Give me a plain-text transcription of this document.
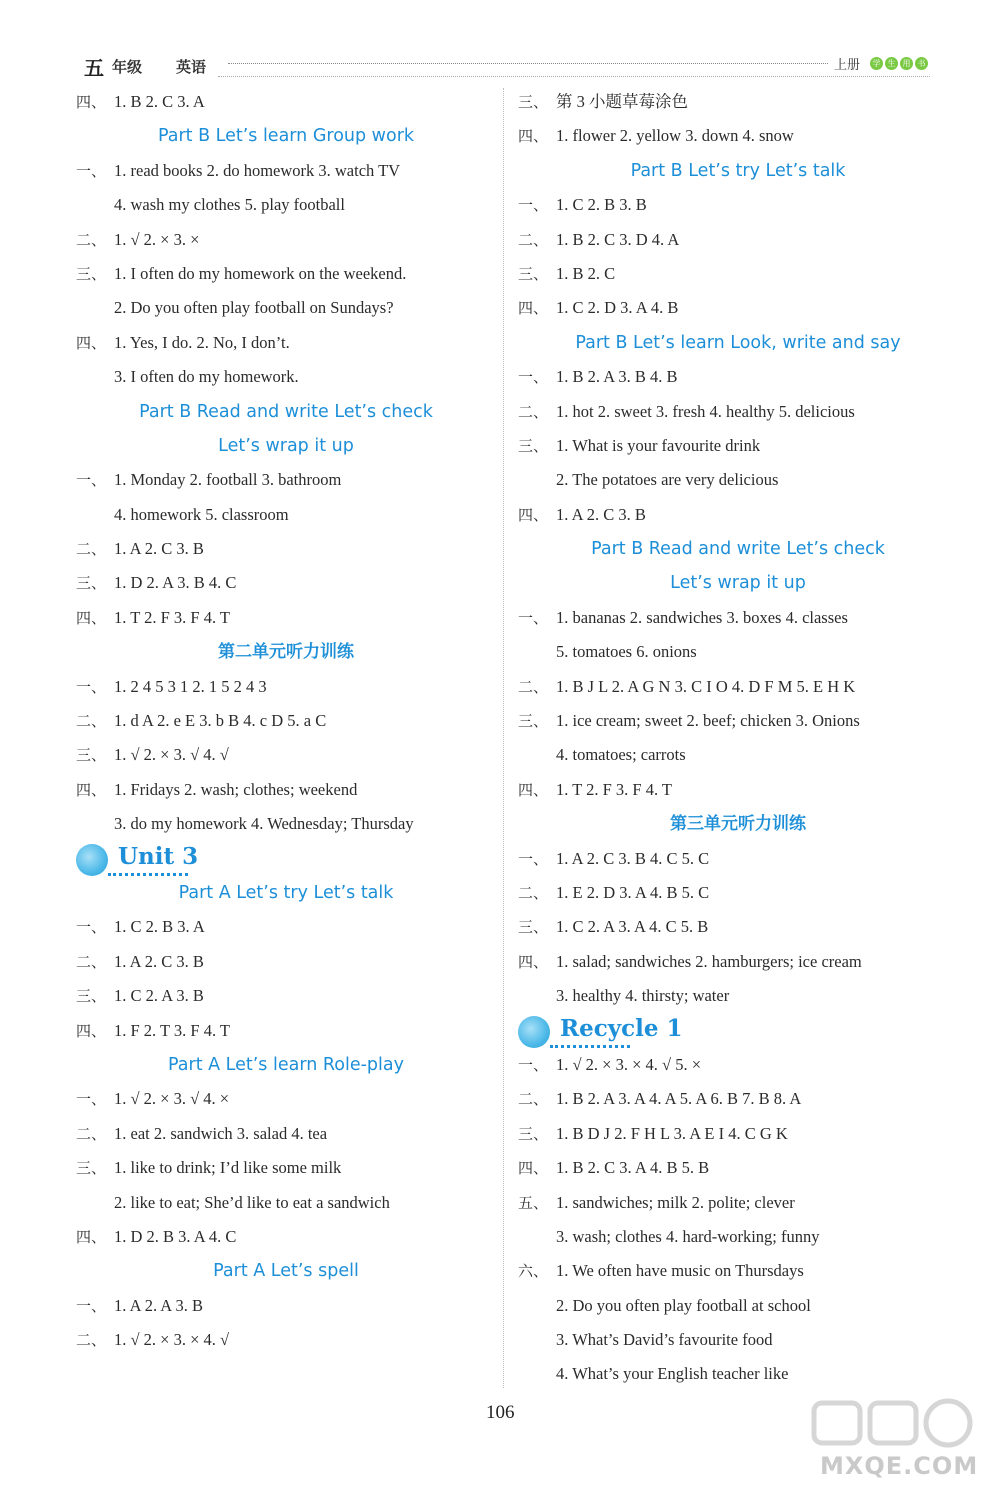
五 年级 英语	上册	学 生 用 书
四、 1. B 2. C 3. A
Part B Let’s learn Group work
一、 1. read books 2. do homework 3. watch TV
4. wash my clothes 5. play football
二、 1. √ 2. × 3. ×
三、 1. I often do my homework on the weekend.
2. Do you often play football on Sundays?
四、 1. Yes, I do. 2. No, I don’t.
3. I often do my homework.
Part B Read and write Let’s check
Let’s wrap it up
一、 1. Monday 2. football 3. bathroom
4. homework 5. classroom
二、 1. A 2. C 3. B
三、 1. D 2. A 3. B 4. C
四、 1. T 2. F 3. F 4. T
第二单元听力训练
一、 1. 2 4 5 3 1 2. 1 5 2 4 3
二、 1. d A 2. e E 3. b B 4. c D 5. a C
三、 1. √ 2. × 3. √ 4. √
四、 1. Fridays 2. wash; clothes; weekend
3. do my homework 4. Wednesday; Thursday
Unit 3
Part A Let’s try Let’s talk
一、 1. C 2. B 3. A
二、 1. A 2. C 3. B
三、 1. C 2. A 3. B
四、 1. F 2. T 3. F 4. T
Part A Let’s learn Role-play
一、 1. √ 2. × 3. √ 4. ×
二、 1. eat 2. sandwich 3. salad 4. tea
三、 1. like to drink; I’d like some milk
2. like to eat; She’d like to eat a sandwich
四、 1. D 2. B 3. A 4. C
Part A Let’s spell
一、 1. A 2. A 3. B
二、 1. √ 2. × 3. × 4. √
三、 第 3 小题草莓涂色
四、 1. flower 2. yellow 3. down 4. snow
Part B Let’s try Let’s talk
一、 1. C 2. B 3. B
二、 1. B 2. C 3. D 4. A
三、 1. B 2. C
四、 1. C 2. D 3. A 4. B
Part B Let’s learn Look, write and say
一、 1. B 2. A 3. B 4. B
二、 1. hot 2. sweet 3. fresh 4. healthy 5. delicious
三、 1. What is your favourite drink
2. The potatoes are very delicious
四、 1. A 2. C 3. B
Part B Read and write Let’s check
Let’s wrap it up
一、 1. bananas 2. sandwiches 3. boxes 4. classes
5. tomatoes 6. onions
二、 1. B J L 2. A G N 3. C I O 4. D F M 5. E H K
三、 1. ice cream; sweet 2. beef; chicken 3. Onions
4. tomatoes; carrots
四、 1. T 2. F 3. F 4. T
第三单元听力训练
一、 1. A 2. C 3. B 4. C 5. C
二、 1. E 2. D 3. A 4. B 5. C
三、 1. C 2. A 3. A 4. C 5. B
四、 1. salad; sandwiches 2. hamburgers; ice cream
3. healthy 4. thirsty; water
Recycle 1
一、 1. √ 2. × 3. × 4. √ 5. ×
二、 1. B 2. A 3. A 4. A 5. A 6. B 7. B 8. A
三、 1. B D J 2. F H L 3. A E I 4. C G K
四、 1. B 2. C 3. A 4. B 5. B
五、 1. sandwiches; milk 2. polite; clever
3. wash; clothes 4. hard-working; funny
六、 1. We often have music on Thursdays
2. Do you often play football at school
3. What’s David’s favourite food
4. What’s your English teacher like
106
MXQE.COM
